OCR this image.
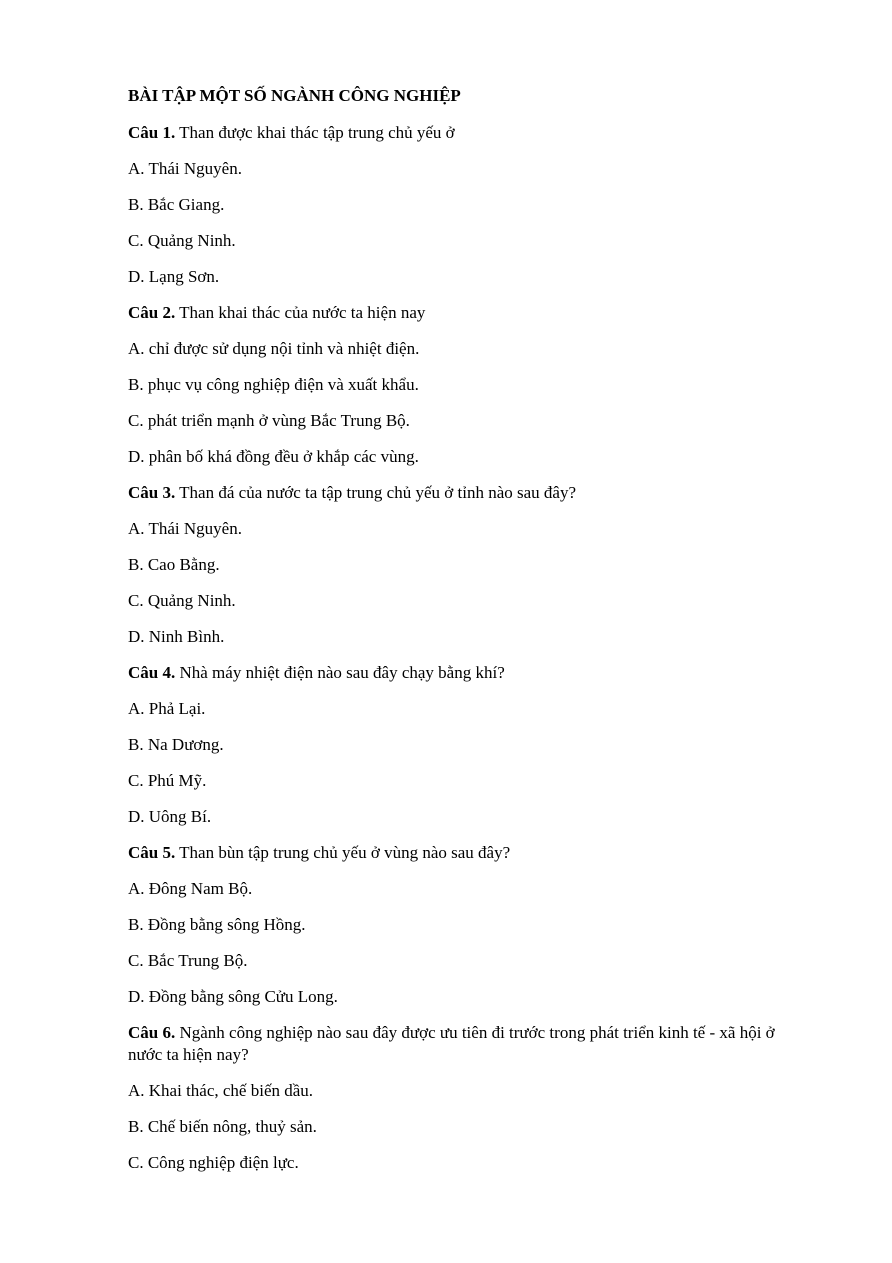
BÀI TẬP MỘT SỐ NGÀNH CÔNG NGHIỆP
Câu 1. Than được khai thác tập trung chủ yếu ở
A. Thái Nguyên.
B. Bắc Giang.
C. Quảng Ninh.
D. Lạng Sơn.
Câu 2. Than khai thác của nước ta hiện nay
A. chỉ được sử dụng nội tỉnh và nhiệt điện.
B. phục vụ công nghiệp điện và xuất khẩu.
C. phát triển mạnh ở vùng Bắc Trung Bộ.
D. phân bố khá đồng đều ở khắp các vùng.
Câu 3. Than đá của nước ta tập trung chủ yếu ở tỉnh nào sau đây?
A. Thái Nguyên.
B. Cao Bằng.
C. Quảng Ninh.
D. Ninh Bình.
Câu 4. Nhà máy nhiệt điện nào sau đây chạy bằng khí?
A. Phả Lại.
B. Na Dương.
C. Phú Mỹ.
D. Uông Bí.
Câu 5. Than bùn tập trung chủ yếu ở vùng nào sau đây?
A. Đông Nam Bộ.
B. Đồng bằng sông Hồng.
C. Bắc Trung Bộ.
D. Đồng bằng sông Cửu Long.
Câu 6. Ngành công nghiệp nào sau đây được ưu tiên đi trước trong phát triển kinh tế - xã hội ở nước ta hiện nay?
A. Khai thác, chế biến dầu.
B. Chế biến nông, thuỷ sản.
C. Công nghiệp điện lực.
